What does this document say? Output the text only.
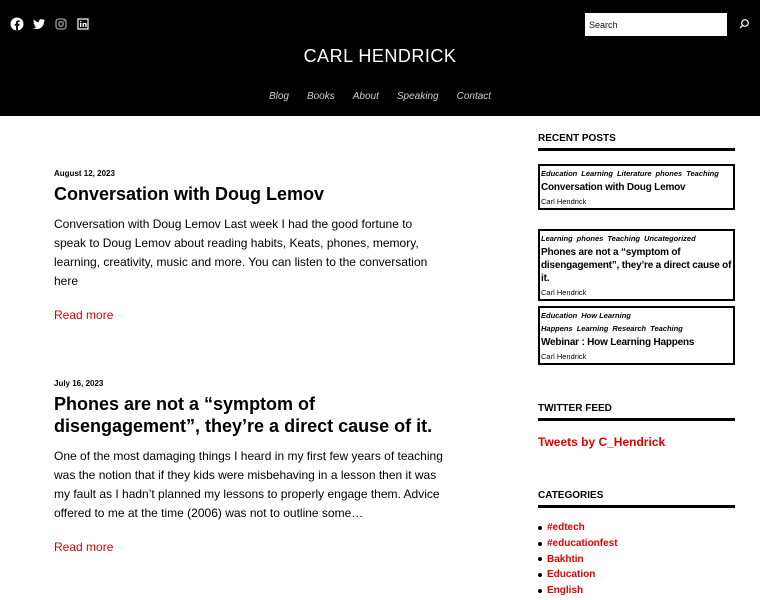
Search
CARL HENDRICK
Blog Books About Speaking Contact
August 12, 2023
Conversation with Doug Lemov
Conversation with Doug Lemov Last week I had the good fortune to speak to Doug Lemov about reading habits, Keats, phones, memory, learning, creativity, music and more. You can listen to the conversation here
Read more
July 16, 2023
Phones are not a “symptom of disengagement”, they’re a direct cause of it.
One of the most damaging things I heard in my first few years of teaching was the notion that if they kids were misbehaving in a lesson then it was my fault as I hadn’t planned my lessons to properly engage them. Advice offered to me at the time (2006) was not to outline some…
Read more
RECENT POSTS
Education Learning Literature phones Teaching
Conversation with Doug Lemov
Carl Hendrick
Learning phones Teaching Uncategorized
Phones are not a “symptom of disengagement”, they’re a direct cause of it.
Carl Hendrick
Education How Learning Happens Learning Research Teaching
Webinar : How Learning Happens
Carl Hendrick
TWITTER FEED
Tweets by C_Hendrick
CATEGORIES
#edtech
#educationfest
Bakhtin
Education
English
